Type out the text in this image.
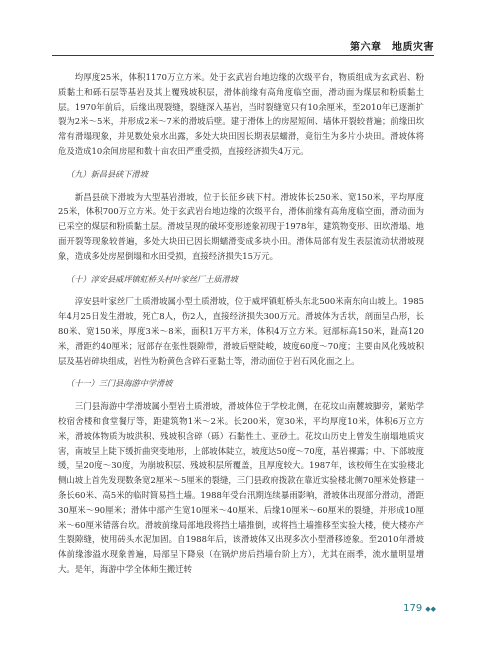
第六章　地质灾害

均厚度25米，体积1170万立方米。处于玄武岩台地边缘的次级平台，物质组成为玄武岩、粉质黏土和砾石层等基岩及其上覆残坡积层，滑体前缘有高角度临空面，滑动面为煤层和粉质黏土层。1970年前后，后缘出现裂缝，裂缝深入基岩，当时裂缝宽只有10余厘米，至2010年已逐渐扩裂为2米～5米，并形成2米～7米的滑坡后壁。建于滑体上的房屋短间、墙体开裂较普遍；前缘田坎常有滑塌现象，并见数处泉水出露，多处大块田因长期表层蠕滑，竟衍生为多片小块田。滑坡体将危及造成10余间房屋和数十亩农田严重受损，直接经济损失4万元。

（九）新昌县硖下滑坡

新昌县硖下滑坡为大型基岩滑坡，位于长征乡硖下村。滑坡体长250米、宽150米，平均厚度25米，体积700万立方米。处于玄武岩台地边缘的次级平台，滑体前缘有高角度临空面，滑动面为已采空的煤层和粉质黏土层。滑坡呈现的破坏变形迹象初现于1978年，建筑物变形、田坎滑塌、地面开裂等现象较普遍，多处大块田已因长期蠕滑变成多块小田。滑体局部有发生表层流动状滑坡现象，造成多处房屋倒塌和水田受损，直接经济损失15万元。

（十）淳安县威坪镇虹桥头村叶家丝厂土质滑坡

淳安县叶家丝厂土质滑坡属小型土质滑坡，位于威坪镇虹桥头东北500米南东向山坡上。1985年4月25日发生滑坡，死亡8人，伤2人，直接经济损失300万元。滑坡体为舌状，剖面呈凸形，长80米、宽150米，厚度3米～8米，面积1万平方米，体积4万立方米。冠部标高150米，趾高120米，滑距约40厘米；冠部存在张性裂隙带，滑坡后壁陡峻，坡度60度～70度；主要由风化残坡积层及基岩碎块组成，岩性为粉黄色含碎石亚黏土等，滑动面位于岩石风化面之上。

（十一）三门县海游中学滑坡

三门县海游中学滑坡属小型岩土质滑坡，滑坡体位于学校北侧，在花坟山南麓坡脚旁，紧贴学校宿舍楼和食堂餐厅等，距建筑物1米～2米。长200米，宽30米，平均厚度10米，体积6万立方米，滑坡体物质为坡洪积、残坡积含碎（砾）石黏性土、亚砂土。花坟山历史上曾发生崩塌地质灾害，南坡呈上陡下缓折曲突变地形，上部坡体陡立，坡度达50度～70度，基岩裸露；中、下部坡度缓，呈20度～30度，为崩坡积层、残坡积层所覆盖，且厚度较大。1987年，该校师生在实验楼北侧山坡上首先发现数条宽2厘米～5厘米的裂缝，三门县政府拨款在靠近实验楼北侧70厘米处修建一条长60米、高5米的临时简易挡土墙。1988年受台汛期连续暴雨影响，滑坡体出现部分滑动，滑距30厘米～90厘米；滑体中部产生宽10厘米～40厘米、后缘10厘米～60厘米的裂缝，并形成10厘米～60厘米错落台坎。滑坡前缘局部地段将挡土墙推倒，或将挡土墙推移至实验大楼，使大楼亦产生裂隙缝，使用砖头水泥加固。自1988年后，该滑坡体又出现多次小型滑移迹象。至2010年滑坡体前缘渗溢水现象普遍，局部呈下降泉（在锅炉房后挡墙台阶上方），尤其在雨季，流水量明显增大。是年，海游中学全体师生搬迁转

179 ◆◆
